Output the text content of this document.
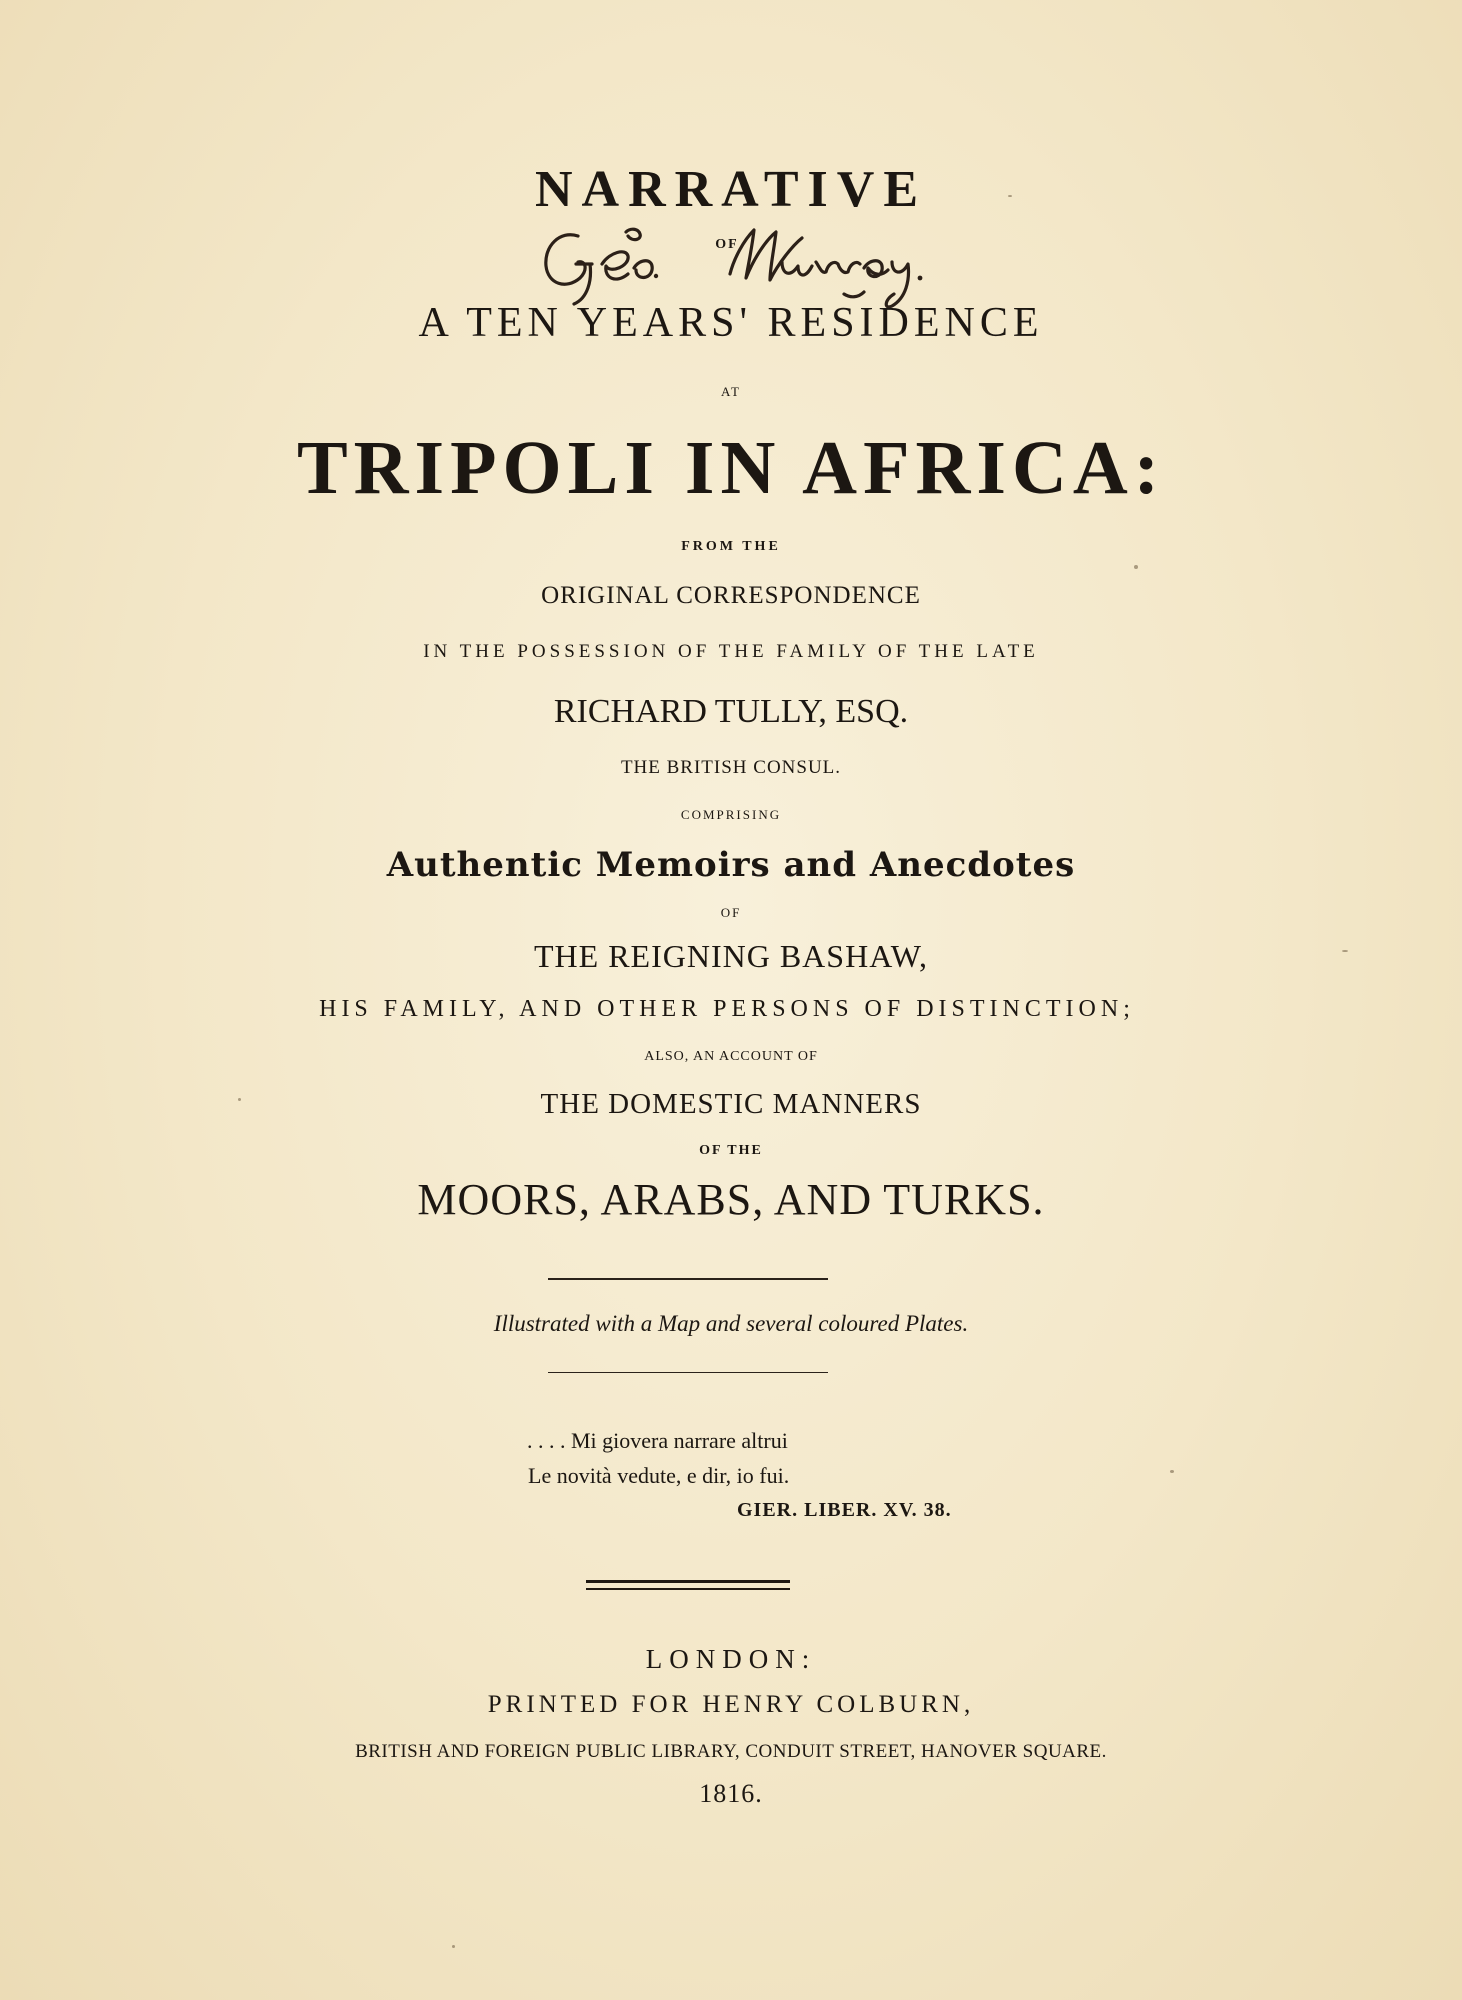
NARRATIVE
OF
A TEN YEARS' RESIDENCE
AT
TRIPOLI IN AFRICA:
FROM THE
ORIGINAL CORRESPONDENCE
IN THE POSSESSION OF THE FAMILY OF THE LATE
RICHARD TULLY, ESQ.
THE BRITISH CONSUL.
COMPRISING
Authentic Memoirs and Anecdotes
OF
THE REIGNING BASHAW,
HIS FAMILY, AND OTHER PERSONS OF DISTINCTION;
ALSO, AN ACCOUNT OF
THE DOMESTIC MANNERS
OF THE
MOORS, ARABS, AND TURKS.
Illustrated with a Map and several coloured Plates.
. . . . Mi giovera narrare altrui
Le novità vedute, e dir, io fui.
GIER. LIBER. XV. 38.
LONDON:
PRINTED FOR HENRY COLBURN,
BRITISH AND FOREIGN PUBLIC LIBRARY, CONDUIT STREET, HANOVER SQUARE.
1816.
